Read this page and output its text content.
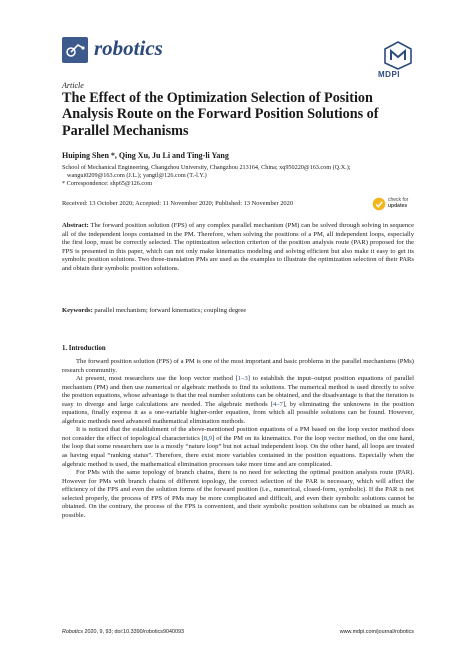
robotics
MDPI
Article
The Effect of the Optimization Selection of Position Analysis Route on the Forward Position Solutions of Parallel Mechanisms
Huiping Shen *, Qing Xu, Ju Li and Ting-li Yang
School of Mechanical Engineering, Changzhou University, Changzhou 213164, China; xq950220@163.com (Q.X.);
wangui0209@163.com (J.L.); yangtl@126.com (T.-l.Y.)
* Correspondence: shp65@126.com
Received: 13 October 2020; Accepted: 11 November 2020; Published: 13 November 2020	check for
updates
Abstract: The forward position solution (FPS) of any complex parallel mechanism (PM) can be solved through solving in sequence all of the independent loops contained in the PM. Therefore, when solving the positions of a PM, all independent loops, especially the first loop, must be correctly selected. The optimization selection criterion of the position analysis route (PAR) proposed for the FPS is presented in this paper, which can not only make kinematics modeling and solving efficient but also make it easy to get its symbolic position solutions. Two three-translation PMs are used as the examples to illustrate the optimization selection of their PARs and obtain their symbolic position solutions.
Keywords: parallel mechanism; forward kinematics; coupling degree
1. Introduction

The forward position solution (FPS) of a PM is one of the most important and basic problems in the parallel mechanisms (PMs) research community.

At present, most researchers use the loop vector method [1–3] to establish the input–output position equations of parallel mechanism (PM) and then use numerical or algebraic methods to find its solutions. The numerical method is used directly to solve the position equations, whose advantage is that the real number solutions can be obtained, and the disadvantage is that the iteration is easy to diverge and large calculations are needed. The algebraic methods [4–7], by eliminating the unknowns in the position equations, finally express it as a one-variable higher-order equation, from which all possible solutions can be found. However, algebraic methods need advanced mathematical elimination methods.

It is noticed that the establishment of the above-mentioned position equations of a PM based on the loop vector method does not consider the effect of topological characteristics [8,9] of the PM on its kinematics. For the loop vector method, on the one hand, the loop that some researchers use is a mostly “nature loop” but not actual independent loop. On the other hand, all loops are treated as having equal “ranking status”. Therefore, there exist more variables contained in the position equations. Especially when the algebraic method is used, the mathematical elimination processes take more time and are complicated.

For PMs with the same topology of branch chains, there is no need for selecting the optimal position analysis route (PAR). However for PMs with branch chains of different topology, the correct selection of the PAR is necessary, which will affect the efficiency of the FPS and even the solution forms of the forward position (i.e., numerical, closed-form, symbolic). If the PAR is not selected properly, the process of FPS of PMs may be more complicated and difficult, and even their symbolic solutions cannot be obtained. On the contrary, the process of the FPS is convenient, and their symbolic position solutions can be obtained as much as possible.

Robotics 2020, 9, 93; doi:10.3390/robotics9040093	www.mdpi.com/journal/robotics
